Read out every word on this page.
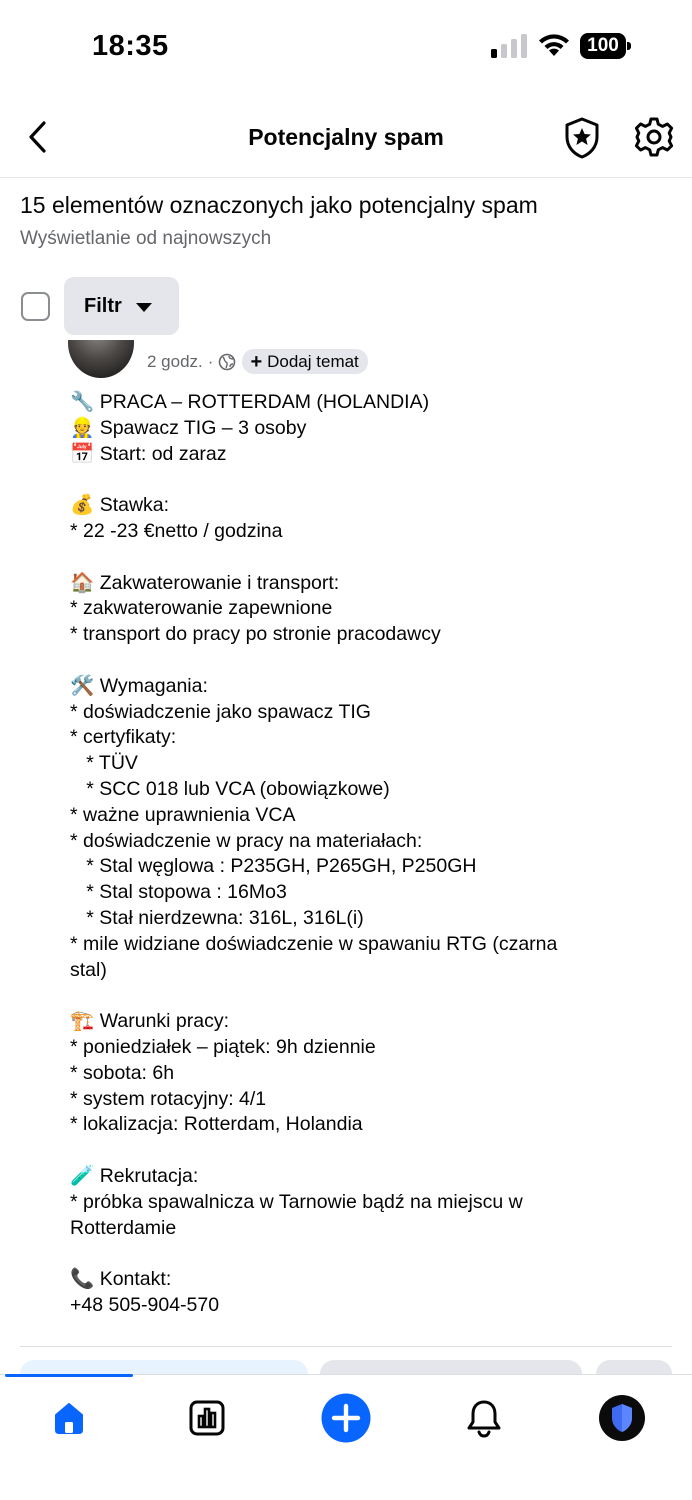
18:35	100
Potencjalny spam
15 elementów oznaczonych jako potencjalny spam
Wyświetlanie od najnowszych
Filtr
2 godz. · + Dodaj temat
🔧 PRACA – ROTTERDAM (HOLANDIA)
👷 Spawacz TIG – 3 osoby
📅 Start: od zaraz
💰 Stawka:
* 22 -23 €netto / godzina
🏠 Zakwaterowanie i transport:
* zakwaterowanie zapewnione
* transport do pracy po stronie pracodawcy
🛠️ Wymagania:
* doświadczenie jako spawacz TIG
* certyfikaty:
* TÜV
* SCC 018 lub VCA (obowiązkowe)
* ważne uprawnienia VCA
* doświadczenie w pracy na materiałach:
* Stal węglowa : P235GH, P265GH, P250GH
* Stal stopowa : 16Mo3
* Stał nierdzewna: 316L, 316L(i)
* mile widziane doświadczenie w spawaniu RTG (czarna
stal)
🏗️ Warunki pracy:
* poniedziałek – piątek: 9h dziennie
* sobota: 6h
* system rotacyjny: 4/1
* lokalizacja: Rotterdam, Holandia
🧪 Rekrutacja:
* próbka spawalnicza w Tarnowie bądź na miejscu w
Rotterdamie
📞 Kontakt:
+48 505-904-570
